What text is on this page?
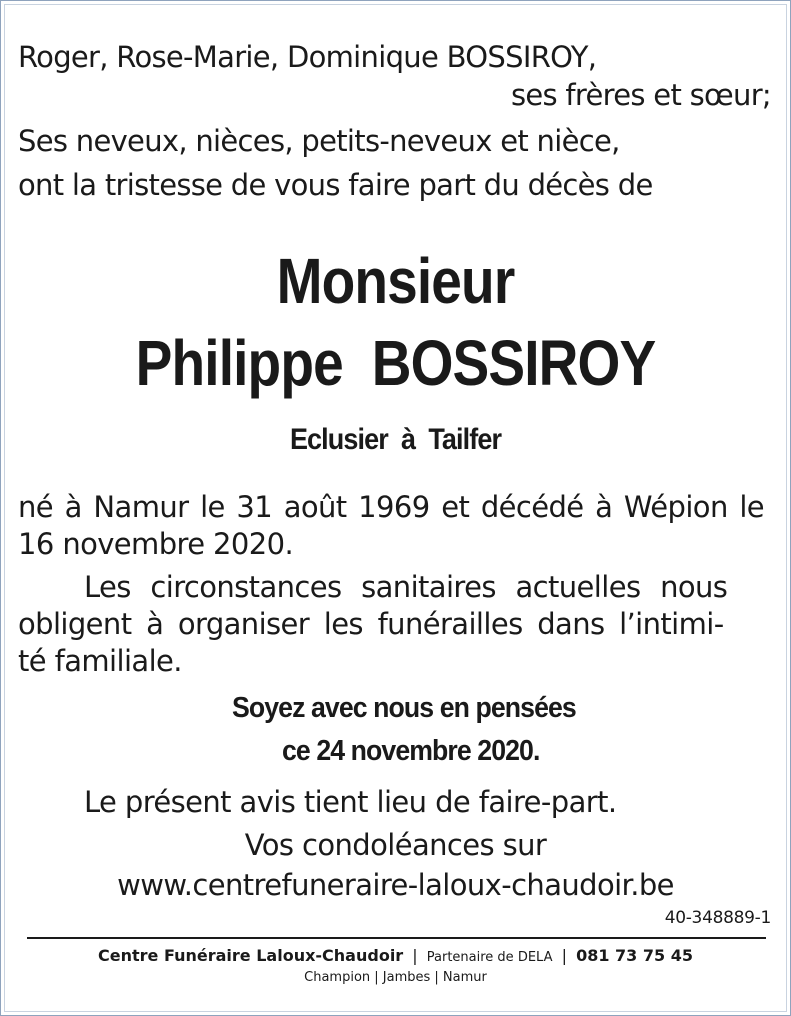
Roger, Rose-Marie, Dominique BOSSIROY,
ses frères et sœur;
Ses neveux, nièces, petits-neveux et nièce,
ont la tristesse de vous faire part du décès de
Monsieur
Philippe  BOSSIROY
Eclusier  à  Tailfer
né à Namur le 31 août 1969 et décédé à Wépion le
16 novembre 2020.
Les circonstances sanitaires actuelles nous
obligent à organiser les funérailles dans l’intimi-
té familiale.
Soyez avec nous en pensées
ce 24 novembre 2020.
Le présent avis tient lieu de faire-part.
Vos condoléances sur
www.centrefuneraire-laloux-chaudoir.be
40-348889-1
Centre Funéraire Laloux-Chaudoir | Partenaire de DELA | 081 73 75 45
Champion | Jambes | Namur
